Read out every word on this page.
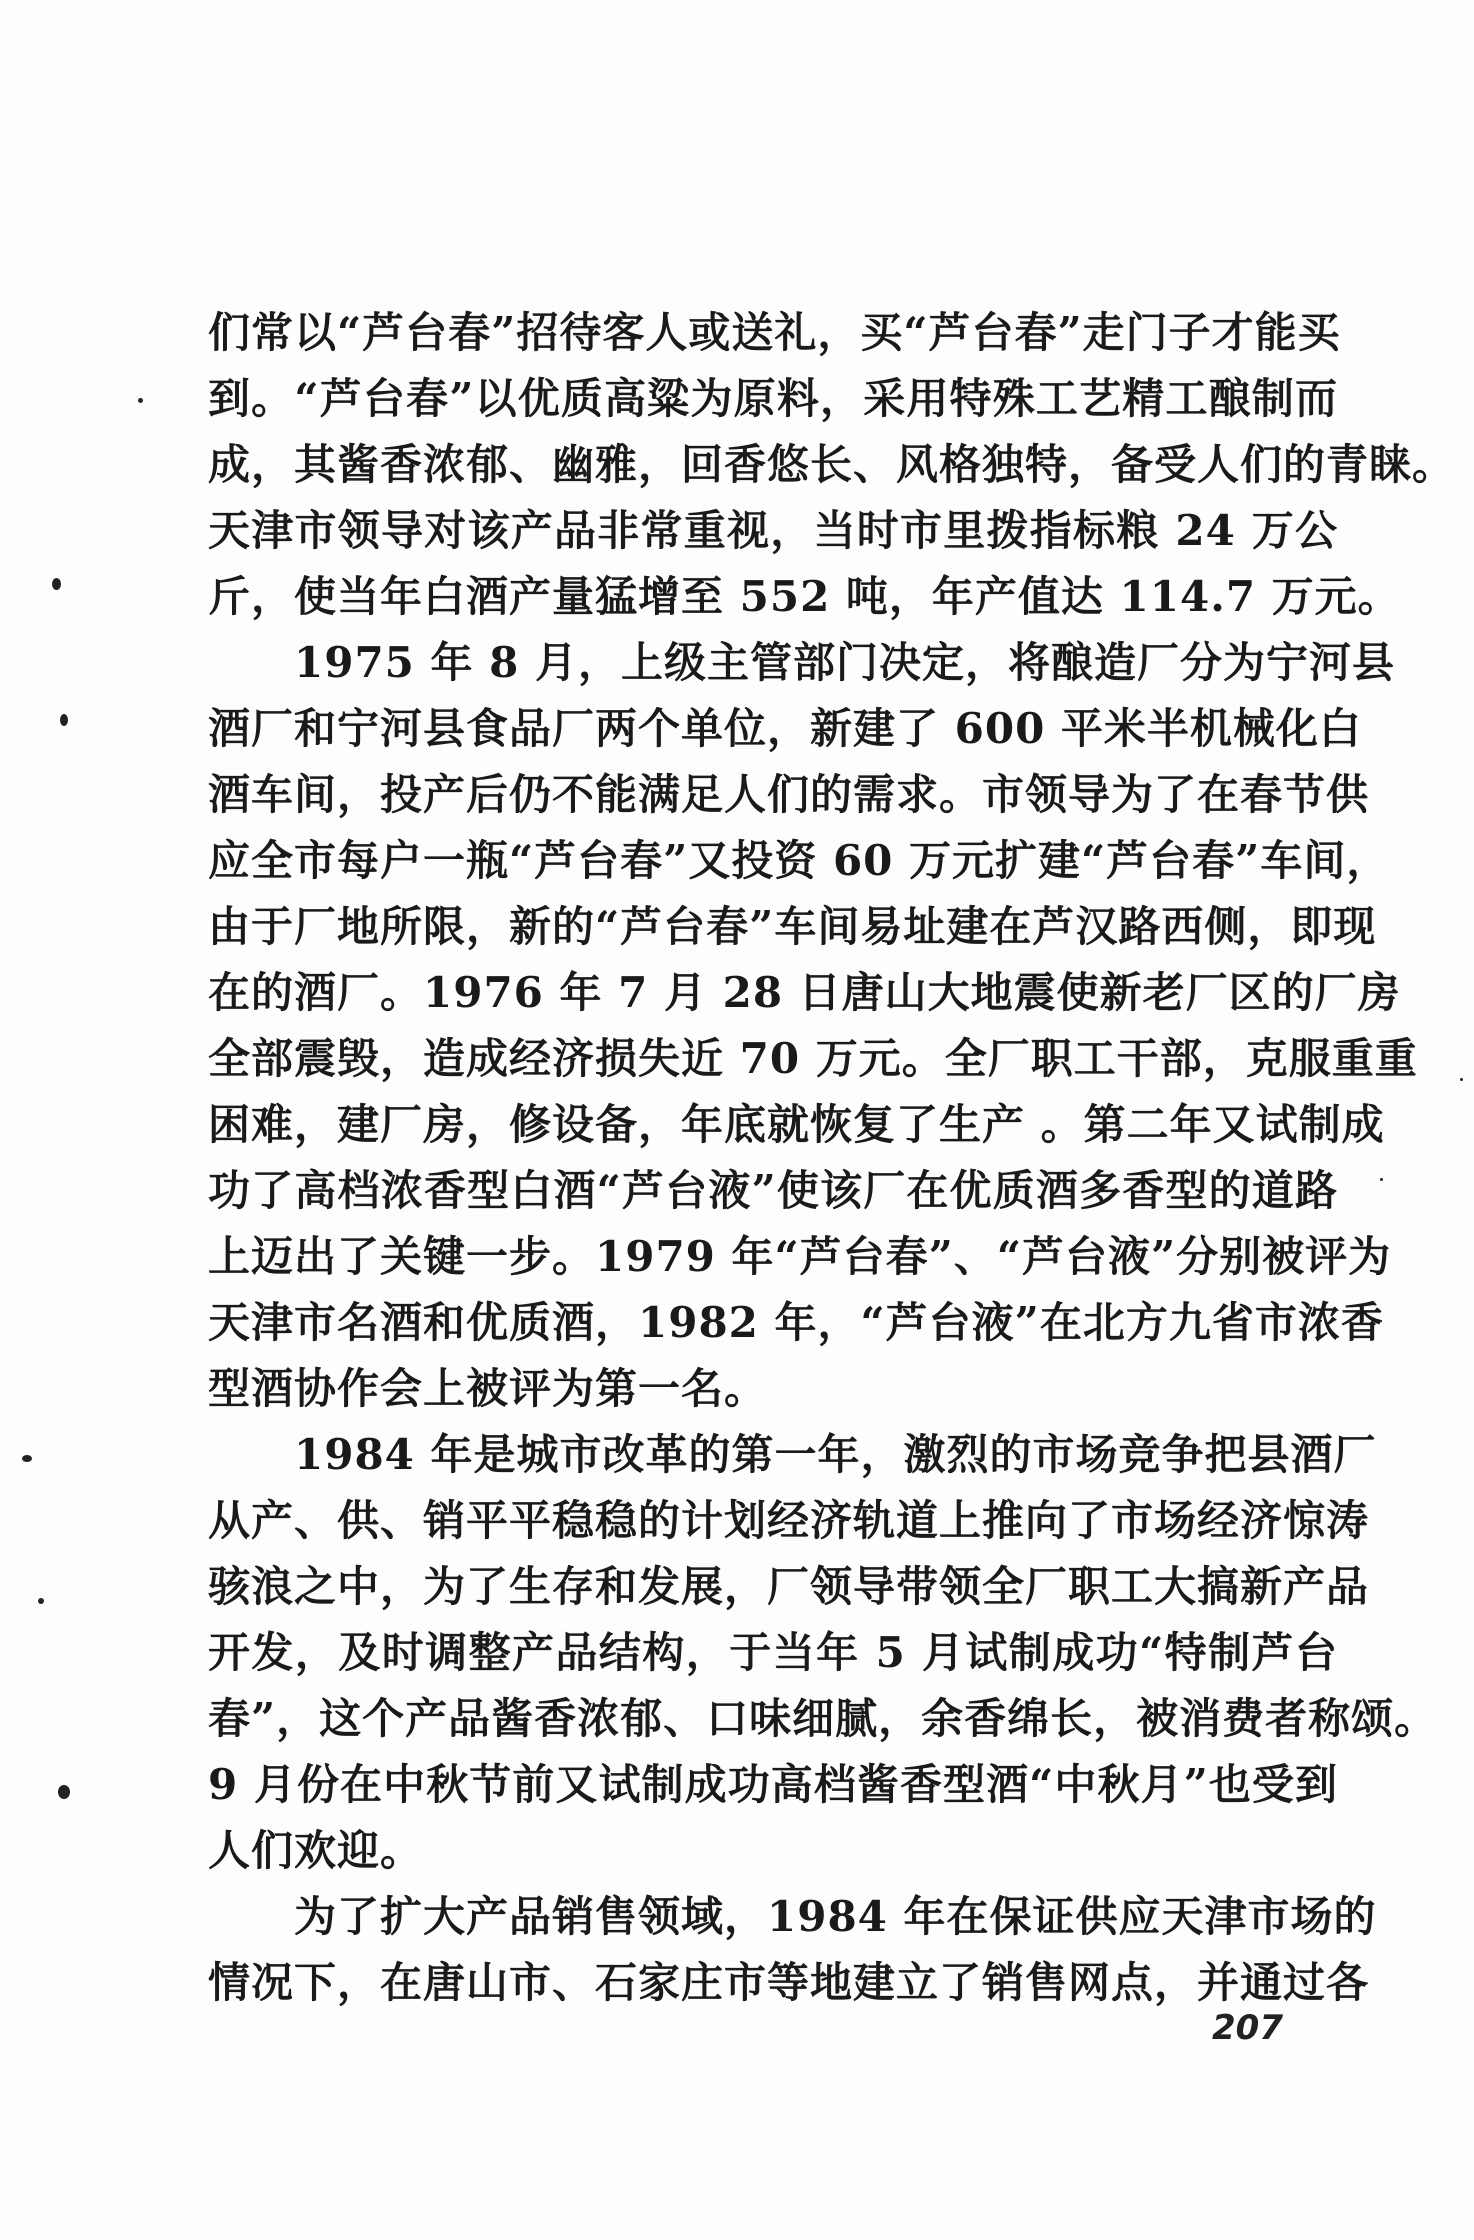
们常以“芦台春”招待客人或送礼，买“芦台春”走门子才能买
到。“芦台春”以优质高粱为原料，采用特殊工艺精工酿制而
成，其酱香浓郁、幽雅，回香悠长、风格独特，备受人们的青睐。
天津市领导对该产品非常重视，当时市里拨指标粮 24 万公
斤，使当年白酒产量猛增至 552 吨，年产值达 114.7 万元。
　　1975 年 8 月，上级主管部门决定，将酿造厂分为宁河县
酒厂和宁河县食品厂两个单位，新建了 600 平米半机械化白
酒车间，投产后仍不能满足人们的需求。市领导为了在春节供
应全市每户一瓶“芦台春”又投资 60 万元扩建“芦台春”车间，
由于厂地所限，新的“芦台春”车间易址建在芦汉路西侧，即现
在的酒厂。1976 年 7 月 28 日唐山大地震使新老厂区的厂房
全部震毁，造成经济损失近 70 万元。全厂职工干部，克服重重
困难，建厂房，修设备，年底就恢复了生产 。第二年又试制成
功了高档浓香型白酒“芦台液”使该厂在优质酒多香型的道路
上迈出了关键一步。1979 年“芦台春”、“芦台液”分别被评为
天津市名酒和优质酒，1982 年，“芦台液”在北方九省市浓香
型酒协作会上被评为第一名。
　　1984 年是城市改革的第一年，激烈的市场竞争把县酒厂
从产、供、销平平稳稳的计划经济轨道上推向了市场经济惊涛
骇浪之中，为了生存和发展，厂领导带领全厂职工大搞新产品
开发，及时调整产品结构，于当年 5 月试制成功“特制芦台
春”，这个产品酱香浓郁、口味细腻，余香绵长，被消费者称颂。
9 月份在中秋节前又试制成功高档酱香型酒“中秋月”也受到
人们欢迎。
　　为了扩大产品销售领域，1984 年在保证供应天津市场的
情况下，在唐山市、石家庄市等地建立了销售网点，并通过各
207
